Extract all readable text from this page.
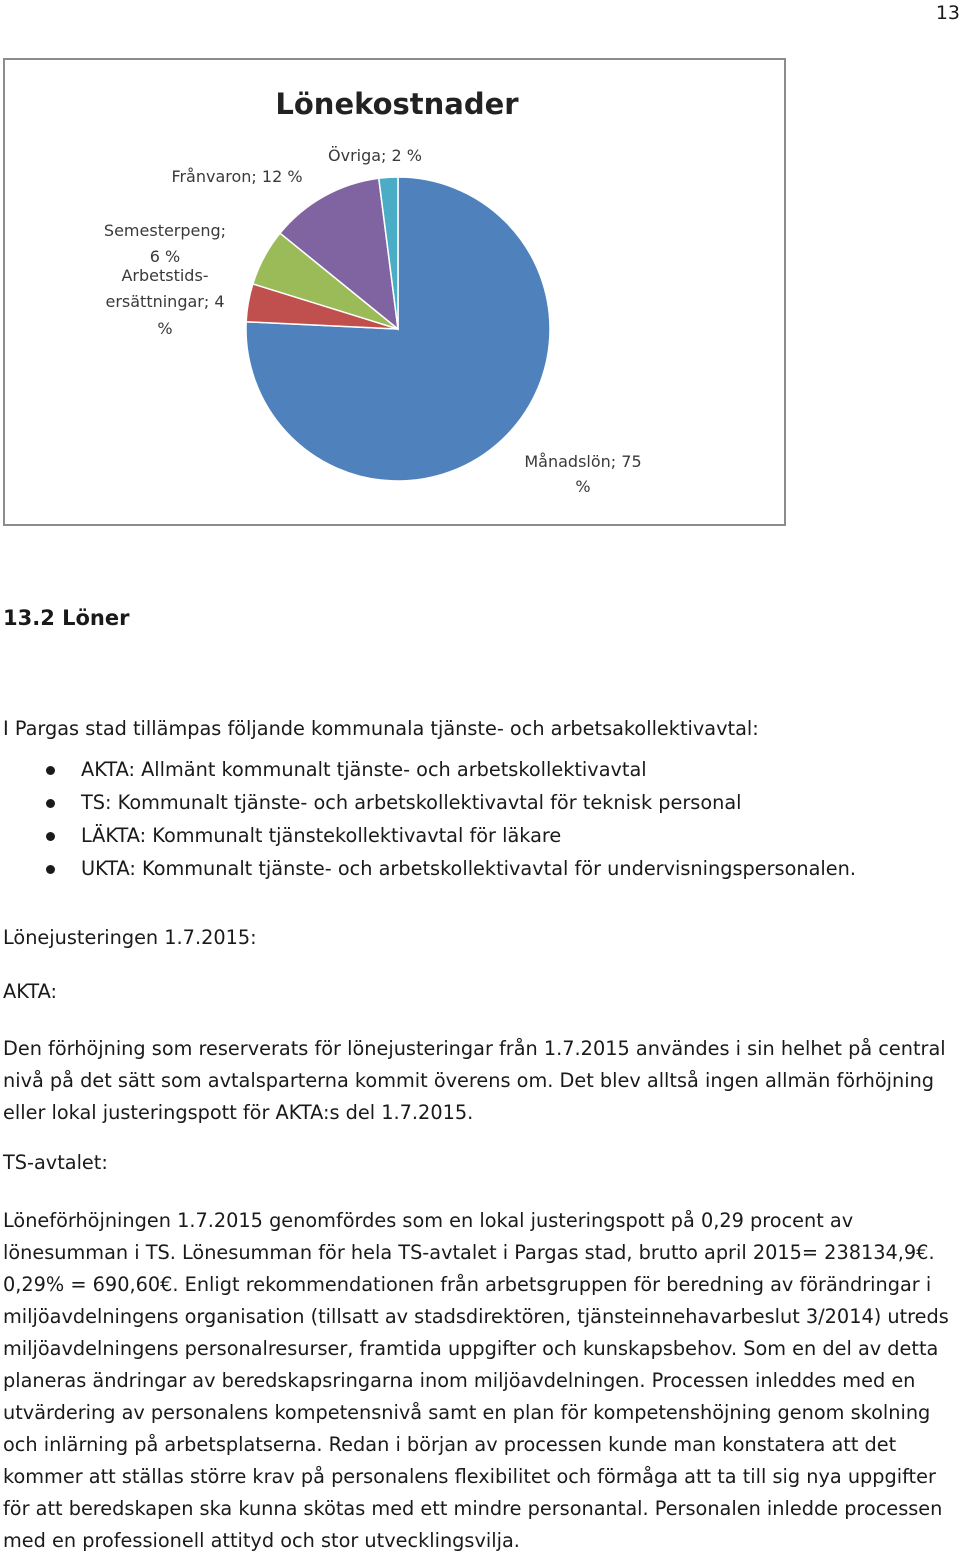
13
Lönekostnader
Månadslön; 75
%
Semesterpeng;
6 %
Arbetstids-
ersättningar; 4
%
Frånvaron; 12 %
Övriga; 2 %
13.2 Löner

I Pargas stad tillämpas följande kommunala tjänste- och arbetsakollektivavtal:

AKTA: Allmänt kommunalt tjänste- och arbetskollektivavtal
TS: Kommunalt tjänste- och arbetskollektivavtal för teknisk personal
LÄKTA: Kommunalt tjänstekollektivavtal för läkare
UKTA: Kommunalt tjänste- och arbetskollektivavtal för undervisningspersonalen.

Lönejusteringen 1.7.2015:

AKTA:

Den förhöjning som reserverats för lönejusteringar från 1.7.2015 användes i sin helhet på central nivå på det sätt som avtalsparterna kommit överens om. Det blev alltså ingen allmän förhöjning eller lokal justeringspott för AKTA:s del 1.7.2015.

TS-avtalet:

Löneförhöjningen 1.7.2015 genomfördes som en lokal justeringspott på 0,29 procent av lönesumman i TS. Lönesumman för hela TS-avtalet i Pargas stad, brutto april 2015= 238134,9€. 0,29% = 690,60€. Enligt rekommendationen från arbetsgruppen för beredning av förändringar i miljöavdelningens organisation (tillsatt av stadsdirektören, tjänsteinnehavarbeslut 3/2014) utreds miljöavdelningens personalresurser, framtida uppgifter och kunskapsbehov. Som en del av detta planeras ändringar av beredskapsringarna inom miljöavdelningen. Processen inleddes med en utvärdering av personalens kompetensnivå samt en plan för kompetenshöjning genom skolning och inlärning på arbetsplatserna. Redan i början av processen kunde man konstatera att det kommer att ställas större krav på personalens flexibilitet och förmåga att ta till sig nya uppgifter för att beredskapen ska kunna skötas med ett mindre personantal. Personalen inledde processen med en professionell attityd och stor utvecklingsvilja.
